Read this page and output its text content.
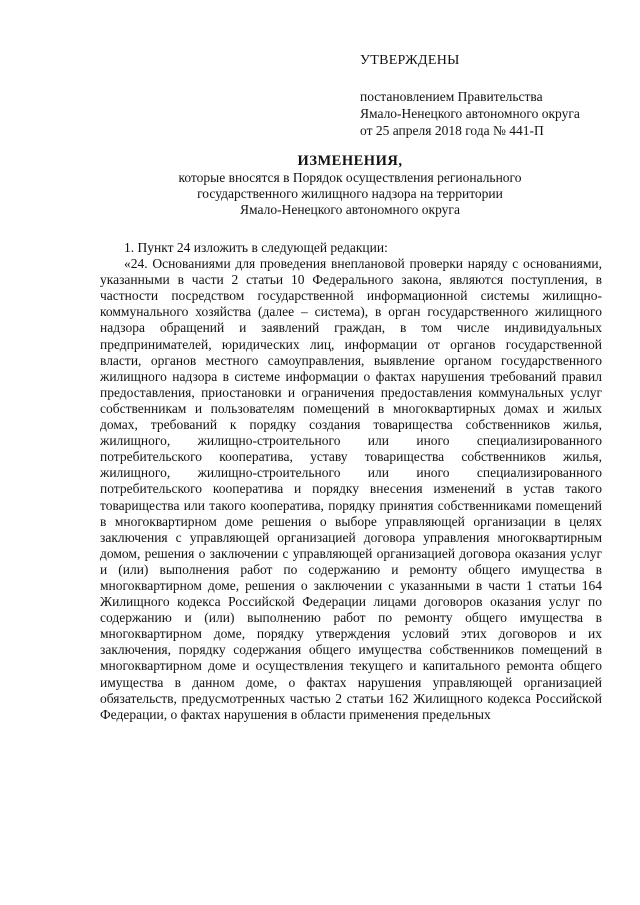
УТВЕРЖДЕНЫ
постановлением Правительства
Ямало-Ненецкого автономного округа
от 25 апреля 2018 года № 441-П
ИЗМЕНЕНИЯ,
которые вносятся в Порядок осуществления регионального
государственного жилищного надзора на территории
Ямало-Ненецкого автономного округа

1. Пункт 24 изложить в следующей редакции:

«24. Основаниями для проведения внеплановой проверки наряду с основаниями, указанными в части 2 статьи 10 Федерального закона, являются поступления, в частности посредством государственной информационной системы жилищно-коммунального хозяйства (далее – система), в орган государственного жилищного надзора обращений и заявлений граждан, в том числе индивидуальных предпринимателей, юридических лиц, информации от органов государственной власти, органов местного самоуправления, выявление органом государственного жилищного надзора в системе информации о фактах нарушения требований правил предоставления, приостановки и ограничения предоставления коммунальных услуг собственникам и пользователям помещений в многоквартирных домах и жилых домах, требований к порядку создания товарищества собственников жилья, жилищного, жилищно-строительного или иного специализированного потребительского кооператива, уставу товарищества собственников жилья, жилищного, жилищно-строительного или иного специализированного потребительского кооператива и порядку внесения изменений в устав такого товарищества или такого кооператива, порядку принятия собственниками помещений в многоквартирном доме решения о выборе управляющей организации в целях заключения с управляющей организацией договора управления многоквартирным домом, решения о заключении с управляющей организацией договора оказания услуг и (или) выполнения работ по содержанию и ремонту общего имущества в многоквартирном доме, решения о заключении с указанными в части 1 статьи 164 Жилищного кодекса Российской Федерации лицами договоров оказания услуг по содержанию и (или) выполнению работ по ремонту общего имущества в многоквартирном доме, порядку утверждения условий этих договоров и их заключения, порядку содержания общего имущества собственников помещений в многоквартирном доме и осуществления текущего и капитального ремонта общего имущества в данном доме, о фактах нарушения управляющей организацией обязательств, предусмотренных частью 2 статьи 162 Жилищного кодекса Российской Федерации, о фактах нарушения в области применения предельных
